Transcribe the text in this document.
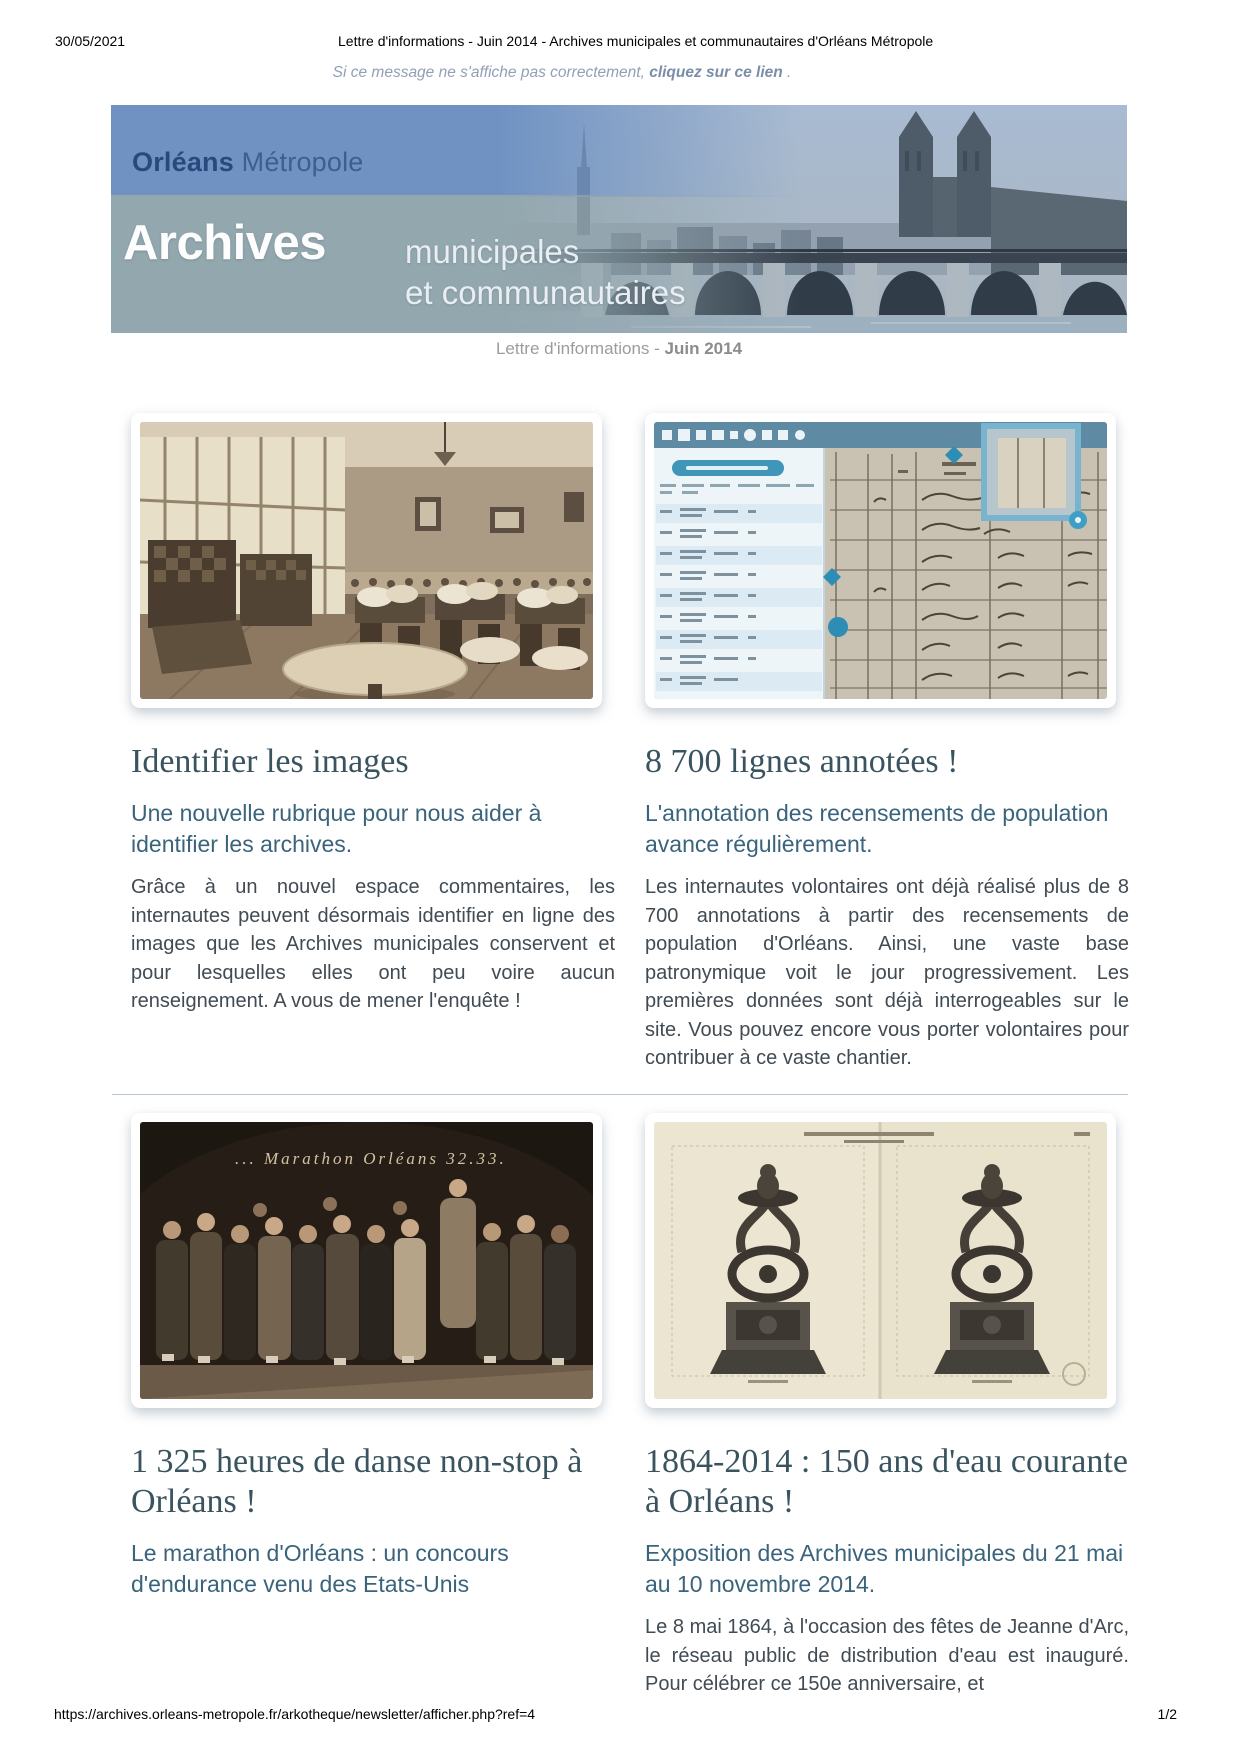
30/05/2021	Lettre d'informations - Juin 2014 - Archives municipales et communautaires d'Orléans Métropole
Si ce message ne s'affiche pas correctement, cliquez sur ce lien .
Orléans Métropole
Archives municipales
et communautaires
Lettre d'informations - Juin 2014
Identifier les images
Une nouvelle rubrique pour nous aider à identifier les archives.

Grâce à un nouvel espace commentaires, les internautes peuvent désormais identifier en ligne des images que les Archives municipales conservent et pour lesquelles elles ont peu voire aucun renseignement. A vous de mener l'enquête !

8 700 lignes annotées !
L'annotation des recensements de population avance régulièrement.

Les internautes volontaires ont déjà réalisé plus de 8 700 annotations à partir des recensements de population d'Orléans. Ainsi, une vaste base patronymique voit le jour progressivement. Les premières données sont déjà interrogeables sur le site. Vous pouvez encore vous porter volontaires pour contribuer à ce vaste chantier.

... Marathon Orléans 32.33.
1 325 heures de danse non-stop à Orléans !
Le marathon d'Orléans : un concours d'endurance venu des Etats-Unis

1864-2014 : 150 ans d'eau courante à Orléans !
Exposition des Archives municipales du 21 mai au 10 novembre 2014.

Le 8 mai 1864, à l'occasion des fêtes de Jeanne d'Arc, le réseau public de distribution d'eau est inauguré. Pour célébrer ce 150e anniversaire, et

https://archives.orleans-metropole.fr/arkotheque/newsletter/afficher.php?ref=4	1/2
